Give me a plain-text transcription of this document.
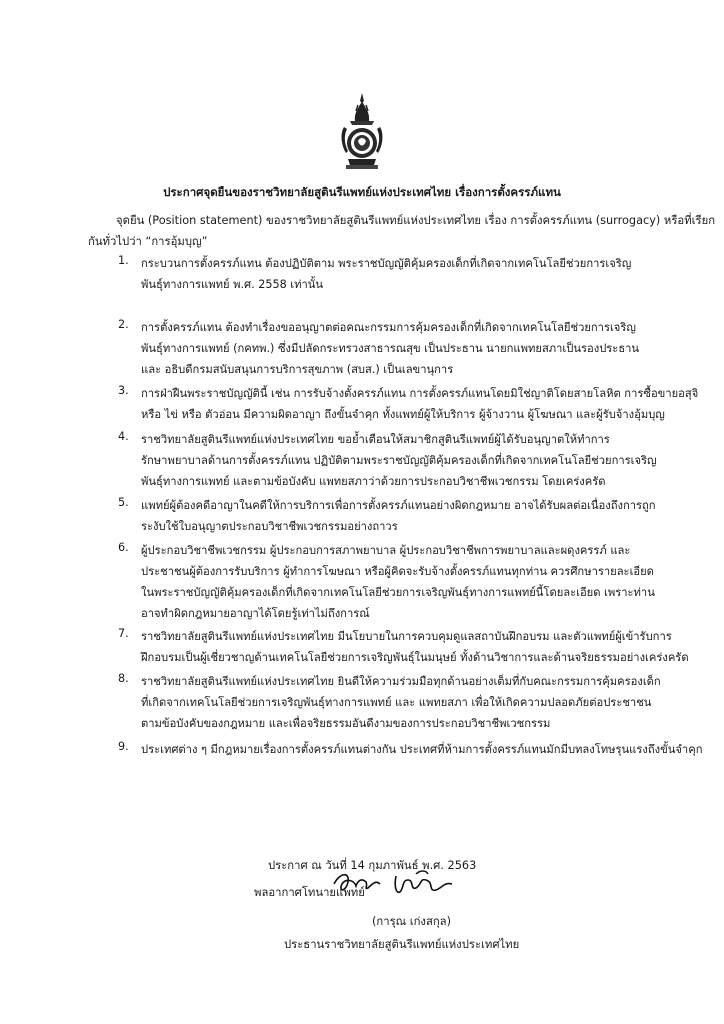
ประกาศจุดยืนของราชวิทยาลัยสูตินรีแพทย์แห่งประเทศไทย เรื่องการตั้งครรภ์แทน
จุดยืน (Position statement) ของราชวิทยาลัยสูตินรีแพทย์แห่งประเทศไทย เรื่อง การตั้งครรภ์แทน (surrogacy) หรือที่เรียก
กันทั่วไปว่า “การอุ้มบุญ”
1.	กระบวนการตั้งครรภ์แทน ต้องปฏิบัติตาม พระราชบัญญัติคุ้มครองเด็กที่เกิดจากเทคโนโลยีช่วยการเจริญ
พันธุ์ทางการแพทย์ พ.ศ. 2558 เท่านั้น
2.	การตั้งครรภ์แทน ต้องทำเรื่องขออนุญาตต่อคณะกรรมการคุ้มครองเด็กที่เกิดจากเทคโนโลยีช่วยการเจริญ
พันธุ์ทางการแพทย์ (กคทพ.) ซึ่งมีปลัดกระทรวงสาธารณสุข เป็นประธาน นายกแพทยสภาเป็นรองประธาน
และ อธิบดีกรมสนับสนุนการบริการสุขภาพ (สบส.) เป็นเลขานุการ
3.	การฝ่าฝืนพระราชบัญญัตินี้ เช่น การรับจ้างตั้งครรภ์แทน การตั้งครรภ์แทนโดยมิใช่ญาติโดยสายโลหิต การซื้อขายอสุจิ
หรือ ไข่ หรือ ตัวอ่อน มีความผิดอาญา ถึงขั้นจำคุก ทั้งแพทย์ผู้ให้บริการ ผู้จ้างวาน ผู้โฆษณา และผู้รับจ้างอุ้มบุญ
4.	ราชวิทยาลัยสูตินรีแพทย์แห่งประเทศไทย ขอย้ำเตือนให้สมาชิกสูตินรีแพทย์ผู้ได้รับอนุญาตให้ทำการ
รักษาพยาบาลด้านการตั้งครรภ์แทน ปฏิบัติตามพระราชบัญญัติคุ้มครองเด็กที่เกิดจากเทคโนโลยีช่วยการเจริญ
พันธุ์ทางการแพทย์ และตามข้อบังคับ แพทยสภาว่าด้วยการประกอบวิชาชีพเวชกรรม โดยเคร่งครัด
5.	แพทย์ผู้ต้องคดีอาญาในคดีให้การบริการเพื่อการตั้งครรภ์แทนอย่างผิดกฎหมาย อาจได้รับผลต่อเนื่องถึงการถูก
ระงับใช้ใบอนุญาตประกอบวิชาชีพเวชกรรมอย่างถาวร
6.	ผู้ประกอบวิชาชีพเวชกรรม ผู้ประกอบการสภาพยาบาล ผู้ประกอบวิชาชีพการพยาบาลและผดุงครรภ์ และ
ประชาชนผู้ต้องการรับบริการ ผู้ทำการโฆษณา หรือผู้คิดจะรับจ้างตั้งครรภ์แทนทุกท่าน ควรศึกษารายละเอียด
ในพระราชบัญญัติคุ้มครองเด็กที่เกิดจากเทคโนโลยีช่วยการเจริญพันธุ์ทางการแพทย์นี้โดยละเอียด เพราะท่าน
อาจทำผิดกฎหมายอาญาได้โดยรู้เท่าไม่ถึงการณ์
7.	ราชวิทยาลัยสูตินรีแพทย์แห่งประเทศไทย มีนโยบายในการควบคุมดูแลสถาบันฝึกอบรม และตัวแพทย์ผู้เข้ารับการ
ฝึกอบรมเป็นผู้เชี่ยวชาญด้านเทคโนโลยีช่วยการเจริญพันธุ์ในมนุษย์ ทั้งด้านวิชาการและด้านจริยธรรมอย่างเคร่งครัด
8.	ราชวิทยาลัยสูตินรีแพทย์แห่งประเทศไทย ยินดีให้ความร่วมมือทุกด้านอย่างเต็มที่กับคณะกรรมการคุ้มครองเด็ก
ที่เกิดจากเทคโนโลยีช่วยการเจริญพันธุ์ทางการแพทย์ และ แพทยสภา เพื่อให้เกิดความปลอดภัยต่อประชาชน
ตามข้อบังคับของกฎหมาย และเพื่อจริยธรรมอันดีงามของการประกอบวิชาชีพเวชกรรม
9.	ประเทศต่าง ๆ มีกฎหมายเรื่องการตั้งครรภ์แทนต่างกัน ประเทศที่ห้ามการตั้งครรภ์แทนมักมีบทลงโทษรุนแรงถึงขั้นจำคุก
ประกาศ ณ วันที่ 14 กุมภาพันธ์ พ.ศ. 2563
พลอากาศโทนายแพทย์
(การุณ เก่งสกุล)
ประธานราชวิทยาลัยสูตินรีแพทย์แห่งประเทศไทย
